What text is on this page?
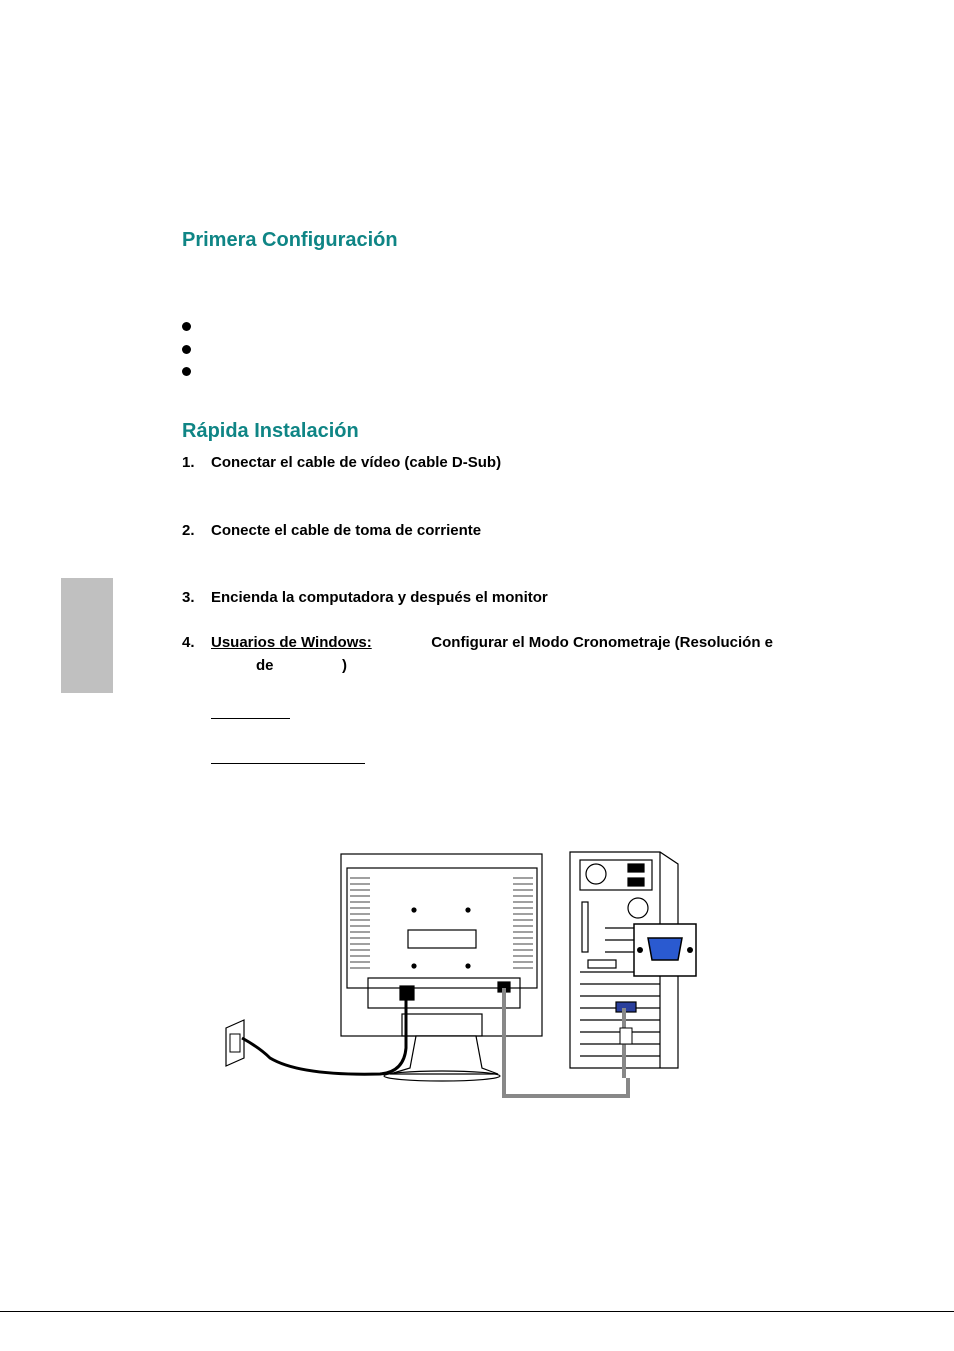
Primera Configuración
Rápida Instalación
1. Conectar el cable de vídeo (cable D-Sub)
2. Conecte el cable de toma de corriente
3. Encienda la computadora y después el monitor
4. Usuarios de Windows:	Configurar el Modo Cronometraje (Resolución e
de	)
